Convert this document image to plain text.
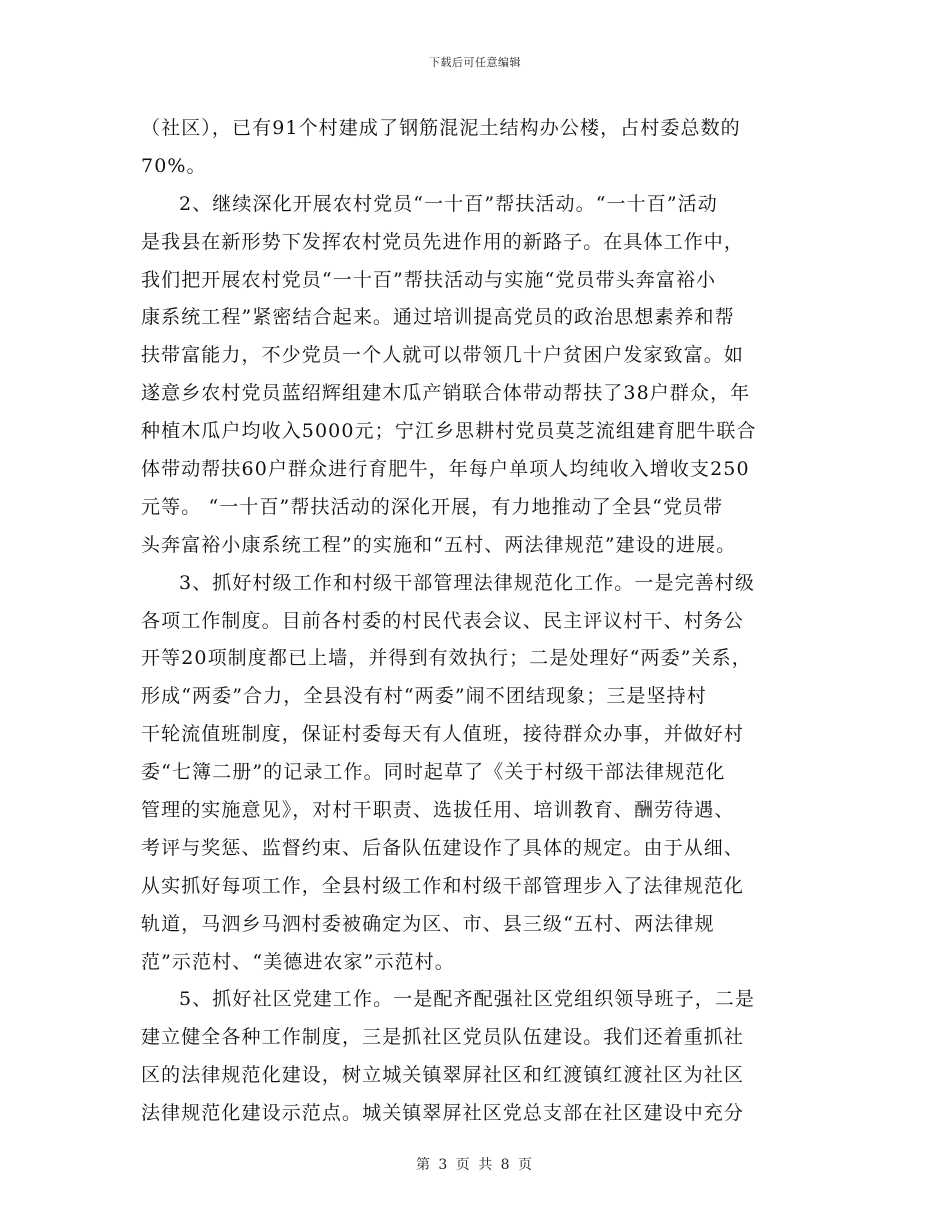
下载后可任意编辑
（社区），已有91个村建成了钢筋混泥土结构办公楼，占村委总数的
70%。
2、继续深化开展农村党员“一十百”帮扶活动。“一十百”活动
是我县在新形势下发挥农村党员先进作用的新路子。在具体工作中，
我们把开展农村党员“一十百”帮扶活动与实施“党员带头奔富裕小
康系统工程”紧密结合起来。通过培训提高党员的政治思想素养和帮
扶带富能力，不少党员一个人就可以带领几十户贫困户发家致富。如
遂意乡农村党员蓝绍辉组建木瓜产销联合体带动帮扶了38户群众，年
种植木瓜户均收入5000元；宁江乡思耕村党员莫芝流组建育肥牛联合
体带动帮扶60户群众进行育肥牛，年每户单项人均纯收入增收支250
元等。 “一十百”帮扶活动的深化开展，有力地推动了全县“党员带
头奔富裕小康系统工程”的实施和“五村、两法律规范”建设的进展。
3、抓好村级工作和村级干部管理法律规范化工作。一是完善村级
各项工作制度。目前各村委的村民代表会议、民主评议村干、村务公
开等20项制度都已上墙，并得到有效执行；二是处理好“两委”关系，
形成“两委”合力，全县没有村“两委”闹不团结现象；三是坚持村
干轮流值班制度，保证村委每天有人值班，接待群众办事，并做好村
委“七簿二册”的记录工作。同时起草了《关于村级干部法律规范化
管理的实施意见》，对村干职责、选拔任用、培训教育、酬劳待遇、
考评与奖惩、监督约束、后备队伍建设作了具体的规定。由于从细、
从实抓好每项工作，全县村级工作和村级干部管理步入了法律规范化
轨道，马泗乡马泗村委被确定为区、市、县三级“五村、两法律规
范”示范村、“美德进农家”示范村。
5、抓好社区党建工作。一是配齐配强社区党组织领导班子，二是
建立健全各种工作制度，三是抓社区党员队伍建设。我们还着重抓社
区的法律规范化建设，树立城关镇翠屏社区和红渡镇红渡社区为社区
法律规范化建设示范点。城关镇翠屏社区党总支部在社区建设中充分
第 3 页 共 8 页
